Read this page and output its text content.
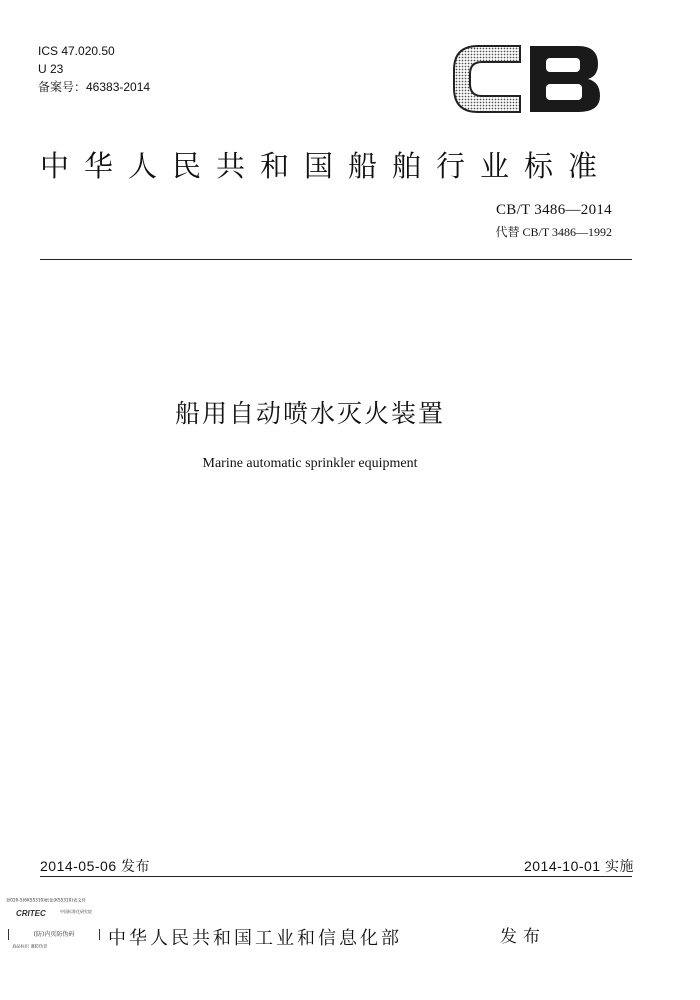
ICS 47.020.50
U 23
备案号：46383-2014
中华人民共和国船舶行业标准
CB/T 3486—2014
代替 CB/T 3486—1992
船用自动喷水灭火装置
Marine automatic sprinkler equipment
2014-05-06 发布	2014-10-01 实施
登020-5(6KS5310)纸张(KS5310)表文件
CRITEC	中国标准化研究院
(防)内页防伪码
真品标识 谨防伪冒	中华人民共和国工业和信息化部	发布
